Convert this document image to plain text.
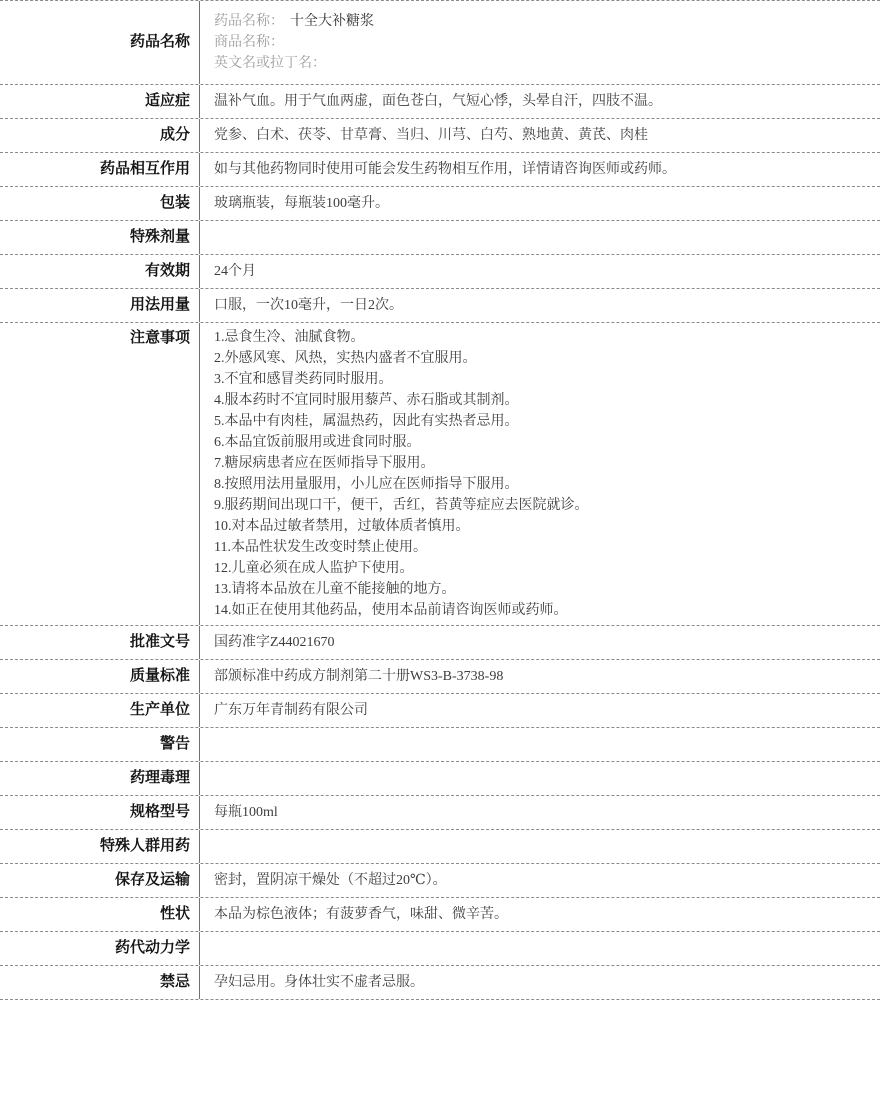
药品名称
药品名称： 十全大补糖浆
商品名称：
英文名或拉丁名：
适应症	温补气血。用于气血两虚，面色苍白，气短心悸，头晕自汗，四肢不温。
成分	党参、白术、茯苓、甘草膏、当归、川芎、白芍、熟地黄、黄芪、肉桂
药品相互作用	如与其他药物同时使用可能会发生药物相互作用，详情请咨询医师或药师。
包装	玻璃瓶装，每瓶装100毫升。
特殊剂量
有效期	24个月
用法用量	口服，一次10毫升，一日2次。
注意事项	1.忌食生冷、油腻食物。
2.外感风寒、风热，实热内盛者不宜服用。
3.不宜和感冒类药同时服用。
4.服本药时不宜同时服用藜芦、赤石脂或其制剂。
5.本品中有肉桂，属温热药，因此有实热者忌用。
6.本品宜饭前服用或进食同时服。
7.糖尿病患者应在医师指导下服用。
8.按照用法用量服用，小儿应在医师指导下服用。
9.服药期间出现口干，便干，舌红，苔黄等症应去医院就诊。
10.对本品过敏者禁用，过敏体质者慎用。
11.本品性状发生改变时禁止使用。
12.儿童必须在成人监护下使用。
13.请将本品放在儿童不能接触的地方。
14.如正在使用其他药品，使用本品前请咨询医师或药师。
批准文号	国药准字Z44021670
质量标准	部颁标准中药成方制剂第二十册WS3-B-3738-98
生产单位	广东万年青制药有限公司
警告
药理毒理
规格型号	每瓶100ml
特殊人群用药
保存及运输	密封，置阴凉干燥处（不超过20℃）。
性状	本品为棕色液体；有菠萝香气，味甜、微辛苦。
药代动力学
禁忌	孕妇忌用。身体壮实不虚者忌服。
